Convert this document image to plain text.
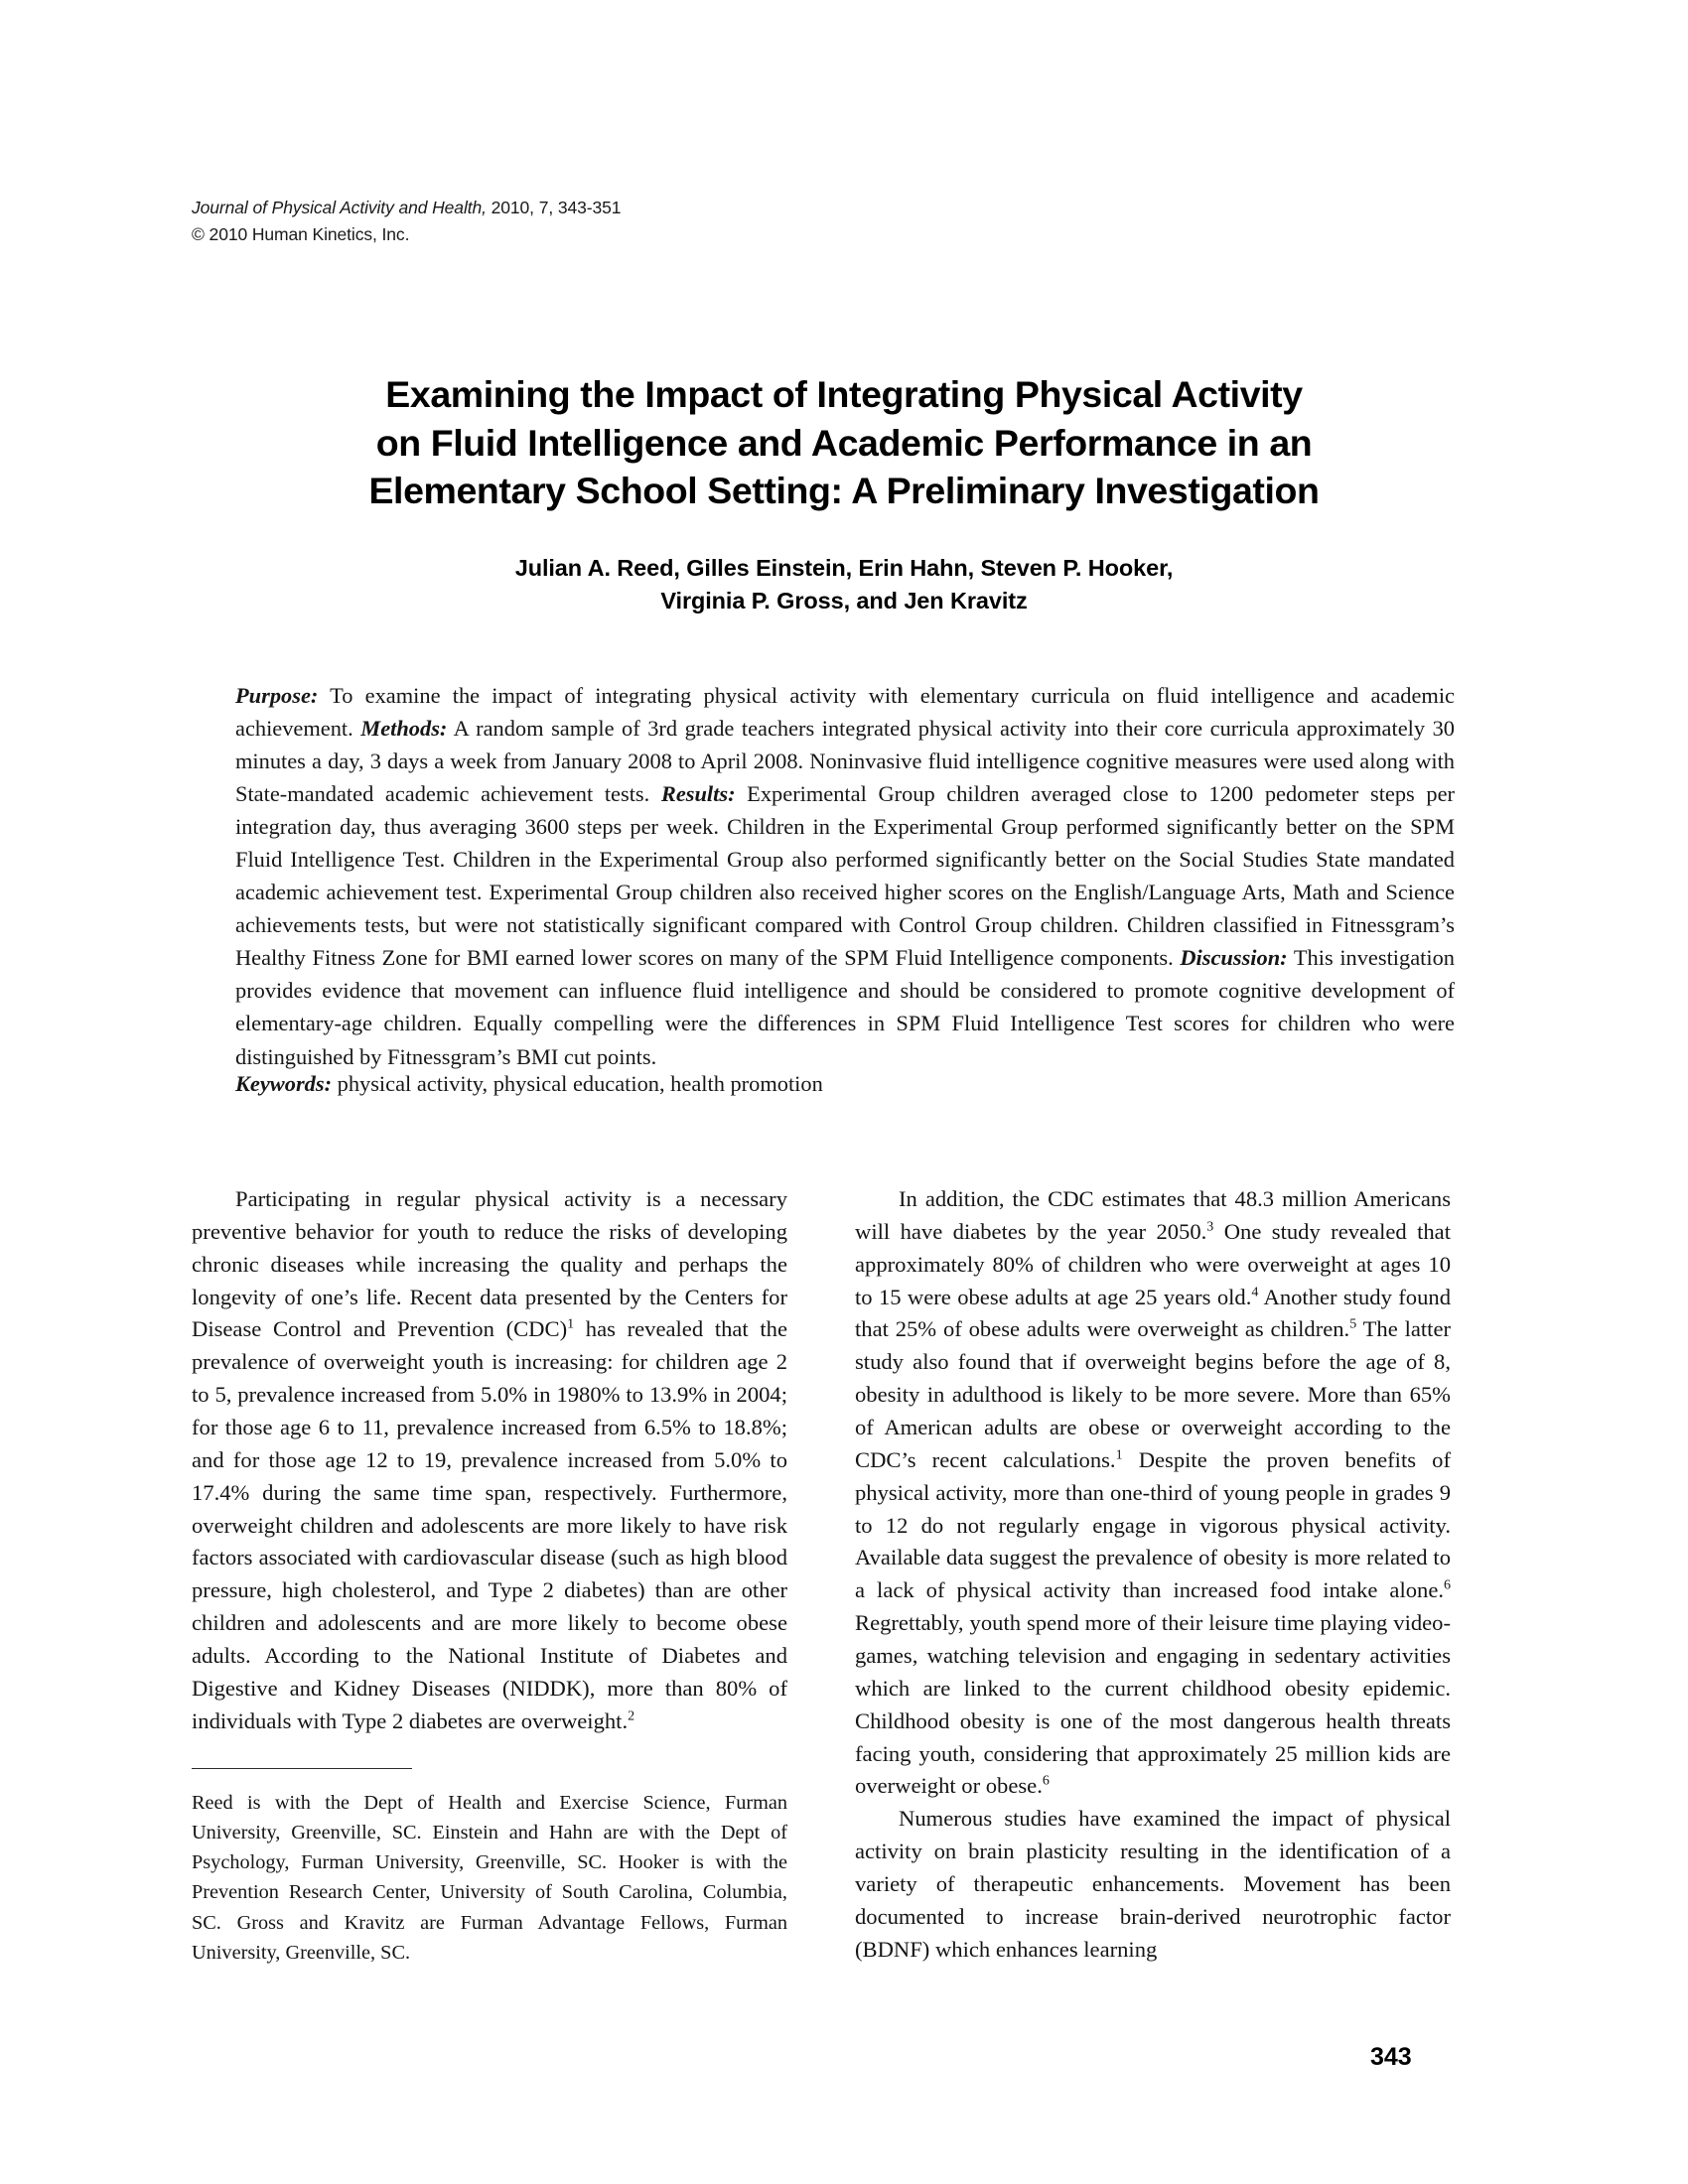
Journal of Physical Activity and Health, 2010, 7, 343-351
© 2010 Human Kinetics, Inc.
Examining the Impact of Integrating Physical Activity
on Fluid Intelligence and Academic Performance in an
Elementary School Setting: A Preliminary Investigation
Julian A. Reed, Gilles Einstein, Erin Hahn, Steven P. Hooker,
Virginia P. Gross, and Jen Kravitz
Purpose: To examine the impact of integrating physical activity with elementary curricula on fluid intelligence and academic achievement. Methods: A random sample of 3rd grade teachers integrated physical activity into their core curricula approximately 30 minutes a day, 3 days a week from January 2008 to April 2008. Noninvasive fluid intelligence cognitive measures were used along with State-mandated academic achievement tests. Results: Experimental Group children averaged close to 1200 pedometer steps per integration day, thus averaging 3600 steps per week. Children in the Experimental Group performed significantly better on the SPM Fluid Intelligence Test. Children in the Experimental Group also performed significantly better on the Social Studies State mandated academic achievement test. Experimental Group children also received higher scores on the English/Language Arts, Math and Science achievements tests, but were not statistically significant compared with Control Group children. Children classified in Fitnessgram’s Healthy Fitness Zone for BMI earned lower scores on many of the SPM Fluid Intelligence components. Discussion: This investigation provides evidence that movement can influence fluid intelligence and should be considered to promote cognitive development of elementary-age children. Equally compelling were the differences in SPM Fluid Intelligence Test scores for children who were distinguished by Fitnessgram’s BMI cut points.
Keywords: physical activity, physical education, health promotion

Participating in regular physical activity is a necessary preventive behavior for youth to reduce the risks of developing chronic diseases while increasing the quality and perhaps the longevity of one’s life. Recent data presented by the Centers for Disease Control and Prevention (CDC)$^1$ has revealed that the prevalence of overweight youth is increasing: for children age 2 to 5, prevalence increased from 5.0% in 1980% to 13.9% in 2004; for those age 6 to 11, prevalence increased from 6.5% to 18.8%; and for those age 12 to 19, prevalence increased from 5.0% to 17.4% during the same time span, respectively. Furthermore, overweight children and adolescents are more likely to have risk factors associated with cardiovascular disease (such as high blood pressure, high cholesterol, and Type 2 diabetes) than are other children and adolescents and are more likely to become obese adults. According to the National Institute of Diabetes and Digestive and Kidney Diseases (NIDDK), more than 80% of individuals with Type 2 diabetes are overweight.$^2$

Reed is with the Dept of Health and Exercise Science, Furman University, Greenville, SC. Einstein and Hahn are with the Dept of Psychology, Furman University, Greenville, SC. Hooker is with the Prevention Research Center, University of South Carolina, Columbia, SC. Gross and Kravitz are Furman Advantage Fellows, Furman University, Greenville, SC.

In addition, the CDC estimates that 48.3 million Americans will have diabetes by the year 2050.$^3$ One study revealed that approximately 80% of children who were overweight at ages 10 to 15 were obese adults at age 25 years old.$^4$ Another study found that 25% of obese adults were overweight as children.$^5$ The latter study also found that if overweight begins before the age of 8, obesity in adulthood is likely to be more severe. More than 65% of American adults are obese or overweight according to the CDC’s recent calculations.$^1$ Despite the proven benefits of physical activity, more than one-third of young people in grades 9 to 12 do not regularly engage in vigorous physical activity. Available data suggest the prevalence of obesity is more related to a lack of physical activity than increased food intake alone.$^6$ Regrettably, youth spend more of their leisure time playing video-games, watching television and engaging in sedentary activities which are linked to the current childhood obesity epidemic. Childhood obesity is one of the most dangerous health threats facing youth, considering that approximately 25 million kids are overweight or obese.$^6$

Numerous studies have examined the impact of physical activity on brain plasticity resulting in the identification of a variety of therapeutic enhancements. Movement has been documented to increase brain-derived neurotrophic factor (BDNF) which enhances learning

343
